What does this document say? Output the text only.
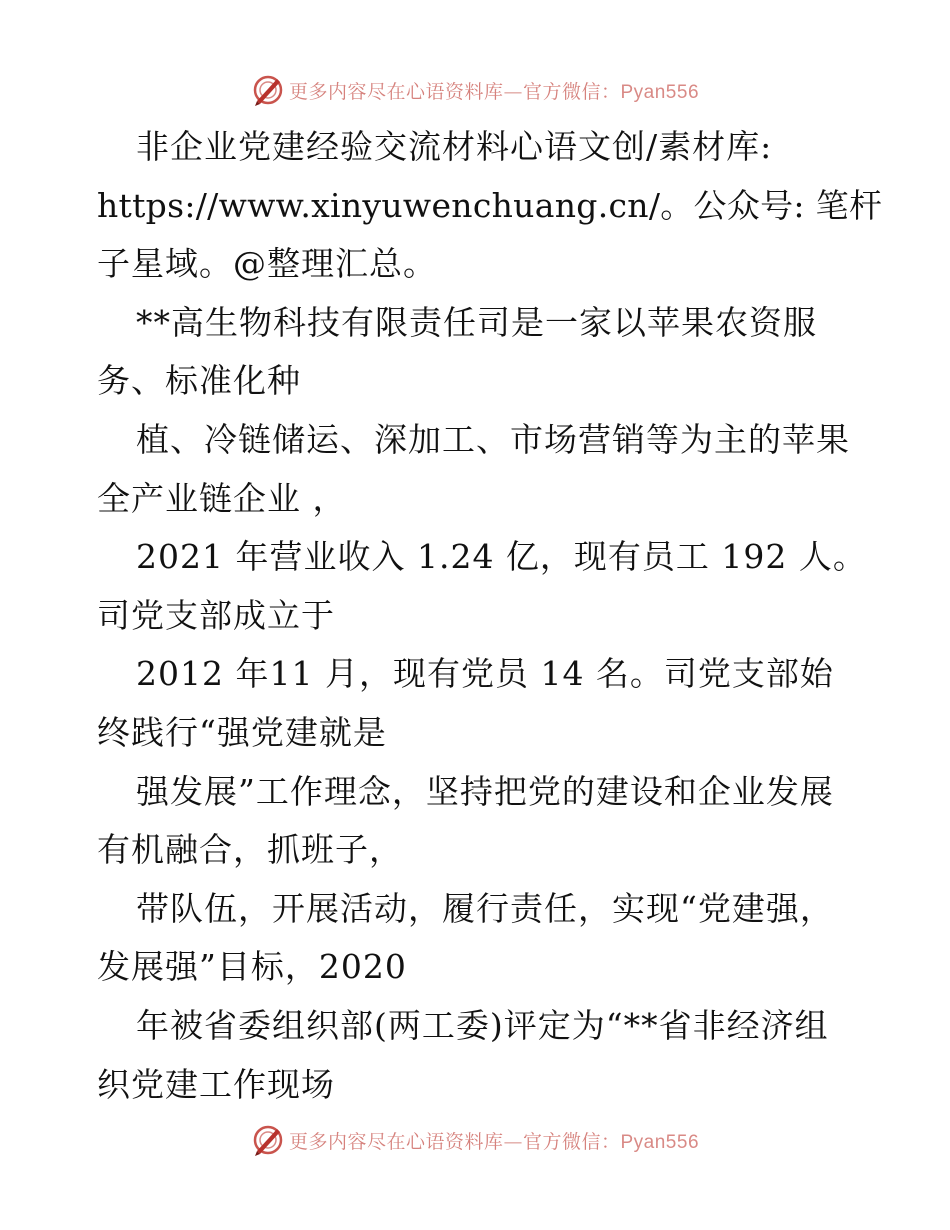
更多内容尽在心语资料库—官方微信：Pyan556
非企业党建经验交流材料心语文创/素材库:
https://www.xinyuwenchuang.cn/。公众号: 笔杆
子星域。@整理汇总。
**高生物科技有限责任司是一家以苹果农资服
务、标准化种
植、冷链储运、深加工、市场营销等为主的苹果
全产业链企业 ，
2021 年营业收入 1.24 亿，现有员工 192 人。
司党支部成立于
2012 年11 月，现有党员 14 名。司党支部始
终践行“强党建就是
强发展”工作理念，坚持把党的建设和企业发展
有机融合，抓班子，
带队伍，开展活动，履行责任，实现“党建强，
发展强”目标，2020
年被省委组织部(两工委)评定为“**省非经济组
织党建工作现场
更多内容尽在心语资料库—官方微信：Pyan556
